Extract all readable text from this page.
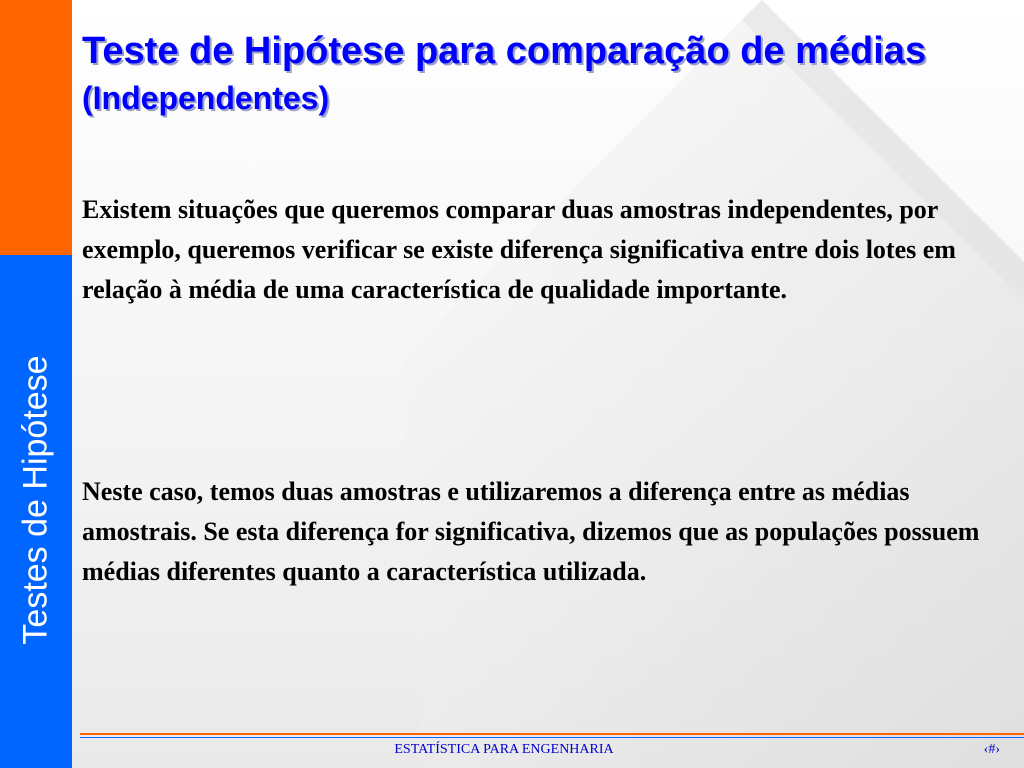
Testes de Hipótese
Teste de Hipótese para comparação de médias (Independentes)

Existem situações que queremos comparar duas amostras independentes, por exemplo, queremos verificar se existe diferença significativa entre dois lotes em relação à média de uma característica de qualidade importante.

Neste caso, temos duas amostras e utilizaremos a diferença entre as médias amostrais. Se esta diferença for significativa, dizemos que as populações possuem médias diferentes quanto a característica utilizada.

ESTATÍSTICA PARA ENGENHARIA	‹#›
